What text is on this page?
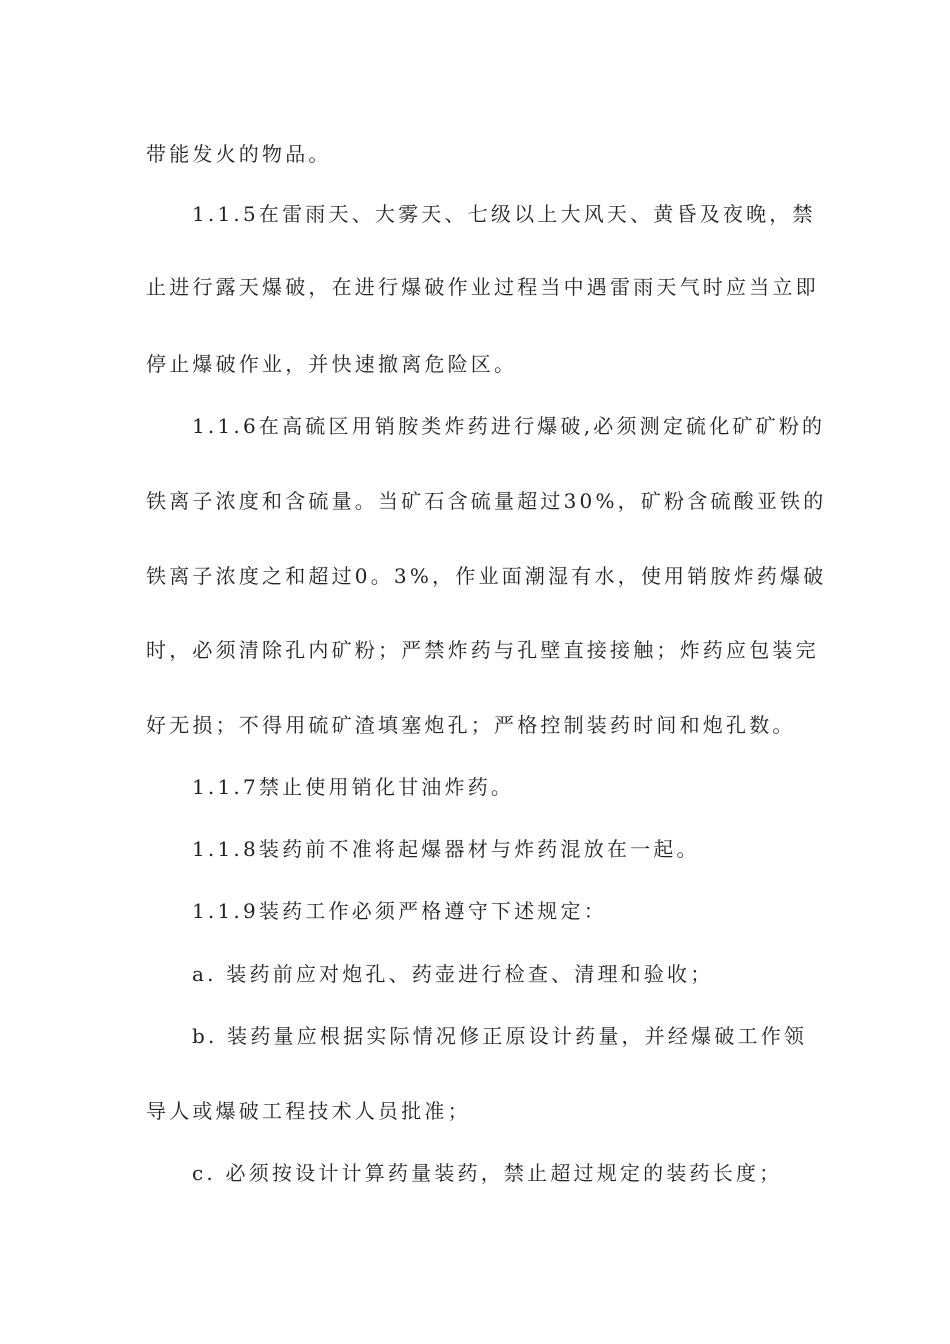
带能发火的物品。
1.1.5在雷雨天、大雾天、七级以上大风天、黄昏及夜晚，禁
止进行露天爆破，在进行爆破作业过程当中遇雷雨天气时应当立即
停止爆破作业，并快速撤离危险区。
1.1.6在高硫区用销胺类炸药进行爆破,必须测定硫化矿矿粉的
铁离子浓度和含硫量。当矿石含硫量超过30%，矿粉含硫酸亚铁的
铁离子浓度之和超过0。3%，作业面潮湿有水，使用销胺炸药爆破
时，必须清除孔内矿粉；严禁炸药与孔壁直接接触；炸药应包装完
好无损；不得用硫矿渣填塞炮孔；严格控制装药时间和炮孔数。
1.1.7禁止使用销化甘油炸药。
1.1.8装药前不准将起爆器材与炸药混放在一起。
1.1.9装药工作必须严格遵守下述规定：
a. 装药前应对炮孔、药壶进行检查、清理和验收；
b. 装药量应根据实际情况修正原设计药量，并经爆破工作领
导人或爆破工程技术人员批准；
c. 必须按设计计算药量装药，禁止超过规定的装药长度；
